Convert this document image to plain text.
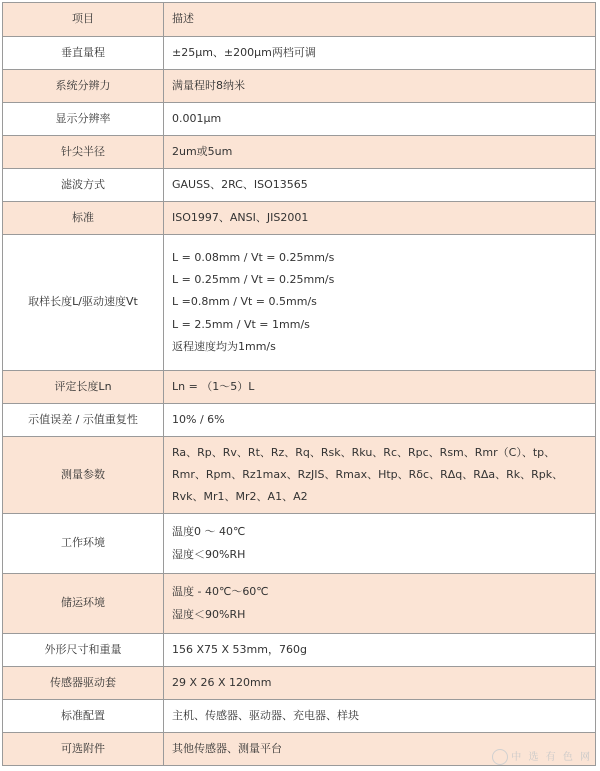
项目	描述

垂直量程	±25μm、±200μm两档可调

系统分辨力	满量程时8纳米

显示分辨率	0.001μm

针尖半径	2um或5um

滤波方式	GAUSS、2RC、ISO13565

标准	ISO1997、ANSI、JIS2001

取样长度L/驱动速度Vt	L = 0.08mm / Vt = 0.25mm/s
L = 0.25mm / Vt = 0.25mm/s
L =0.8mm / Vt = 0.5mm/s
L = 2.5mm / Vt = 1mm/s
返程速度均为1mm/s

评定长度Ln	Ln = （1～5）L

示值误差 / 示值重复性	10% / 6%

测量参数	Ra、Rp、Rv、Rt、Rz、Rq、Rsk、Rku、Rc、Rpc、Rsm、Rmr（C）、tp、
Rmr、Rpm、Rz1max、RzJIS、Rmax、Htp、Rδc、RΔq、RΔa、Rk、Rpk、
Rvk、Mr1、Mr2、A1、A2

工作环境	温度0 ～ 40℃
湿度＜90%RH

储运环境	温度 - 40℃～60℃
湿度＜90%RH

外形尺寸和重量	156 X75 X 53mm，760g

传感器驱动套	29 X 26 X 120mm

标准配置	主机、传感器、驱动器、充电器、样块

可选附件	其他传感器、测量平台
中 选 有 色 网
